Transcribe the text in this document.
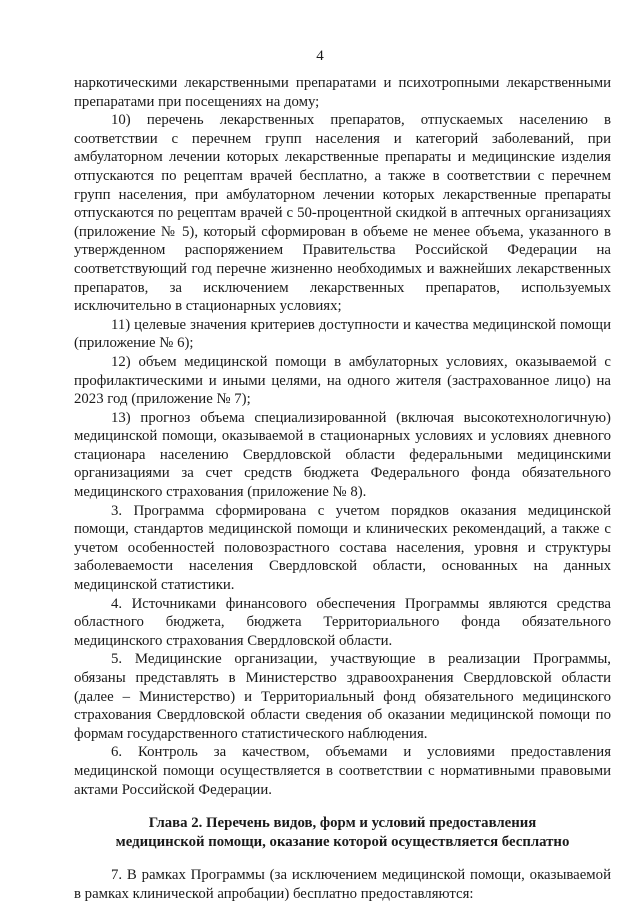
4

наркотическими лекарственными препаратами и психотропными лекарственными препаратами при посещениях на дому;

10) перечень лекарственных препаратов, отпускаемых населению в соответствии с перечнем групп населения и категорий заболеваний, при амбулаторном лечении которых лекарственные препараты и медицинские изделия отпускаются по рецептам врачей бесплатно, а также в соответствии с перечнем групп населения, при амбулаторном лечении которых лекарственные препараты отпускаются по рецептам врачей с 50-процентной скидкой в аптечных организациях (приложение № 5), который сформирован в объеме не менее объема, указанного в утвержденном распоряжением Правительства Российской Федерации на соответствующий год перечне жизненно необходимых и важнейших лекарственных препаратов, за исключением лекарственных препаратов, используемых исключительно в стационарных условиях;

11) целевые значения критериев доступности и качества медицинской помощи (приложение № 6);

12) объем медицинской помощи в амбулаторных условиях, оказываемой с профилактическими и иными целями, на одного жителя (застрахованное лицо) на 2023 год (приложение № 7);

13) прогноз объема специализированной (включая высокотехнологичную) медицинской помощи, оказываемой в стационарных условиях и условиях дневного стационара населению Свердловской области федеральными медицинскими организациями за счет средств бюджета Федерального фонда обязательного медицинского страхования (приложение № 8).

3. Программа сформирована с учетом порядков оказания медицинской помощи, стандартов медицинской помощи и клинических рекомендаций, а также с учетом особенностей половозрастного состава населения, уровня и структуры заболеваемости населения Свердловской области, основанных на данных медицинской статистики.

4. Источниками финансового обеспечения Программы являются средства областного бюджета, бюджета Территориального фонда обязательного медицинского страхования Свердловской области.

5. Медицинские организации, участвующие в реализации Программы, обязаны представлять в Министерство здравоохранения Свердловской области (далее – Министерство) и Территориальный фонд обязательного медицинского страхования Свердловской области сведения об оказании медицинской помощи по формам государственного статистического наблюдения.

6. Контроль за качеством, объемами и условиями предоставления медицинской помощи осуществляется в соответствии с нормативными правовыми актами Российской Федерации.

Глава 2. Перечень видов, форм и условий предоставления
медицинской помощи, оказание которой осуществляется бесплатно

7. В рамках Программы (за исключением медицинской помощи, оказываемой в рамках клинической апробации) бесплатно предоставляются:
